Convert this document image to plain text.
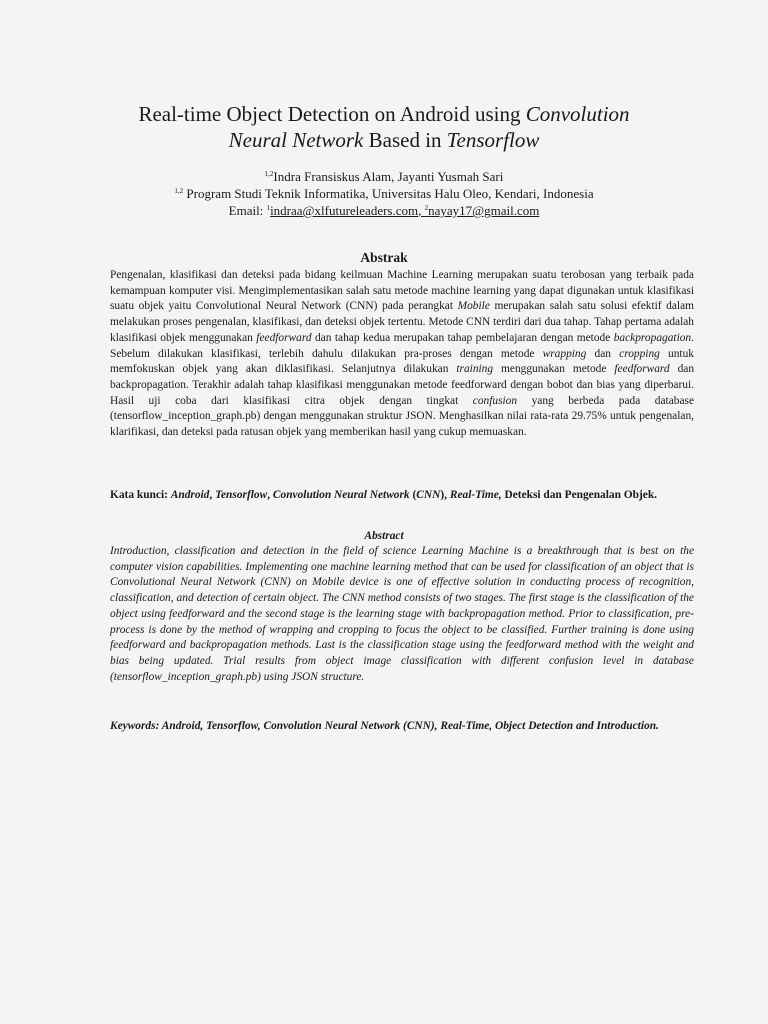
Real-time Object Detection on Android using Convolution
Neural Network Based in Tensorflow
$^{1,2}$Indra Fransiskus Alam, Jayanti Yusmah Sari
$^{1,2}$ Program Studi Teknik Informatika, Universitas Halu Oleo, Kendari, Indonesia
Email: $^1$indraa@xlfutureleaders.com, $^2$nayay17@gmail.com
Abstrak

Pengenalan, klasifikasi dan deteksi pada bidang keilmuan Machine Learning merupakan suatu terobosan yang terbaik pada kemampuan komputer visi. Mengimplementasikan salah satu metode machine learning yang dapat digunakan untuk klasifikasi suatu objek yaitu Convolutional Neural Network (CNN) pada perangkat Mobile merupakan salah satu solusi efektif dalam melakukan proses pengenalan, klasifikasi, dan deteksi objek tertentu. Metode CNN terdiri dari dua tahap. Tahap pertama adalah klasifikasi objek menggunakan feedforward dan tahap kedua merupakan tahap pembelajaran dengan metode backpropagation. Sebelum dilakukan klasifikasi, terlebih dahulu dilakukan pra-proses dengan metode wrapping dan cropping untuk memfokuskan objek yang akan diklasifikasi. Selanjutnya dilakukan training menggunakan metode feedforward dan backpropagation. Terakhir adalah tahap klasifikasi menggunakan metode feedforward dengan bobot dan bias yang diperbarui. Hasil uji coba dari klasifikasi citra objek dengan tingkat confusion yang berbeda pada database (tensorflow_inception_graph.pb) dengan menggunakan struktur JSON. Menghasilkan nilai rata-rata 29.75% untuk pengenalan, klarifikasi, dan deteksi pada ratusan objek yang memberikan hasil yang cukup memuaskan.

Kata kunci: Android, Tensorflow, Convolution Neural Network (CNN), Real-Time, Deteksi dan Pengenalan Objek.

Abstract

Introduction, classification and detection in the field of science Learning Machine is a breakthrough that is best on the computer vision capabilities. Implementing one machine learning method that can be used for classification of an object that is Convolutional Neural Network (CNN) on Mobile device is one of effective solution in conducting process of recognition, classification, and detection of certain object. The CNN method consists of two stages. The first stage is the classification of the object using feedforward and the second stage is the learning stage with backpropagation method. Prior to classification, pre-process is done by the method of wrapping and cropping to focus the object to be classified. Further training is done using feedforward and backpropagation methods. Last is the classification stage using the feedforward method with the weight and bias being updated. Trial results from object image classification with different confusion level in database (tensorflow_inception_graph.pb) using JSON structure.

Keywords: Android, Tensorflow, Convolution Neural Network (CNN), Real-Time, Object Detection and Introduction.
